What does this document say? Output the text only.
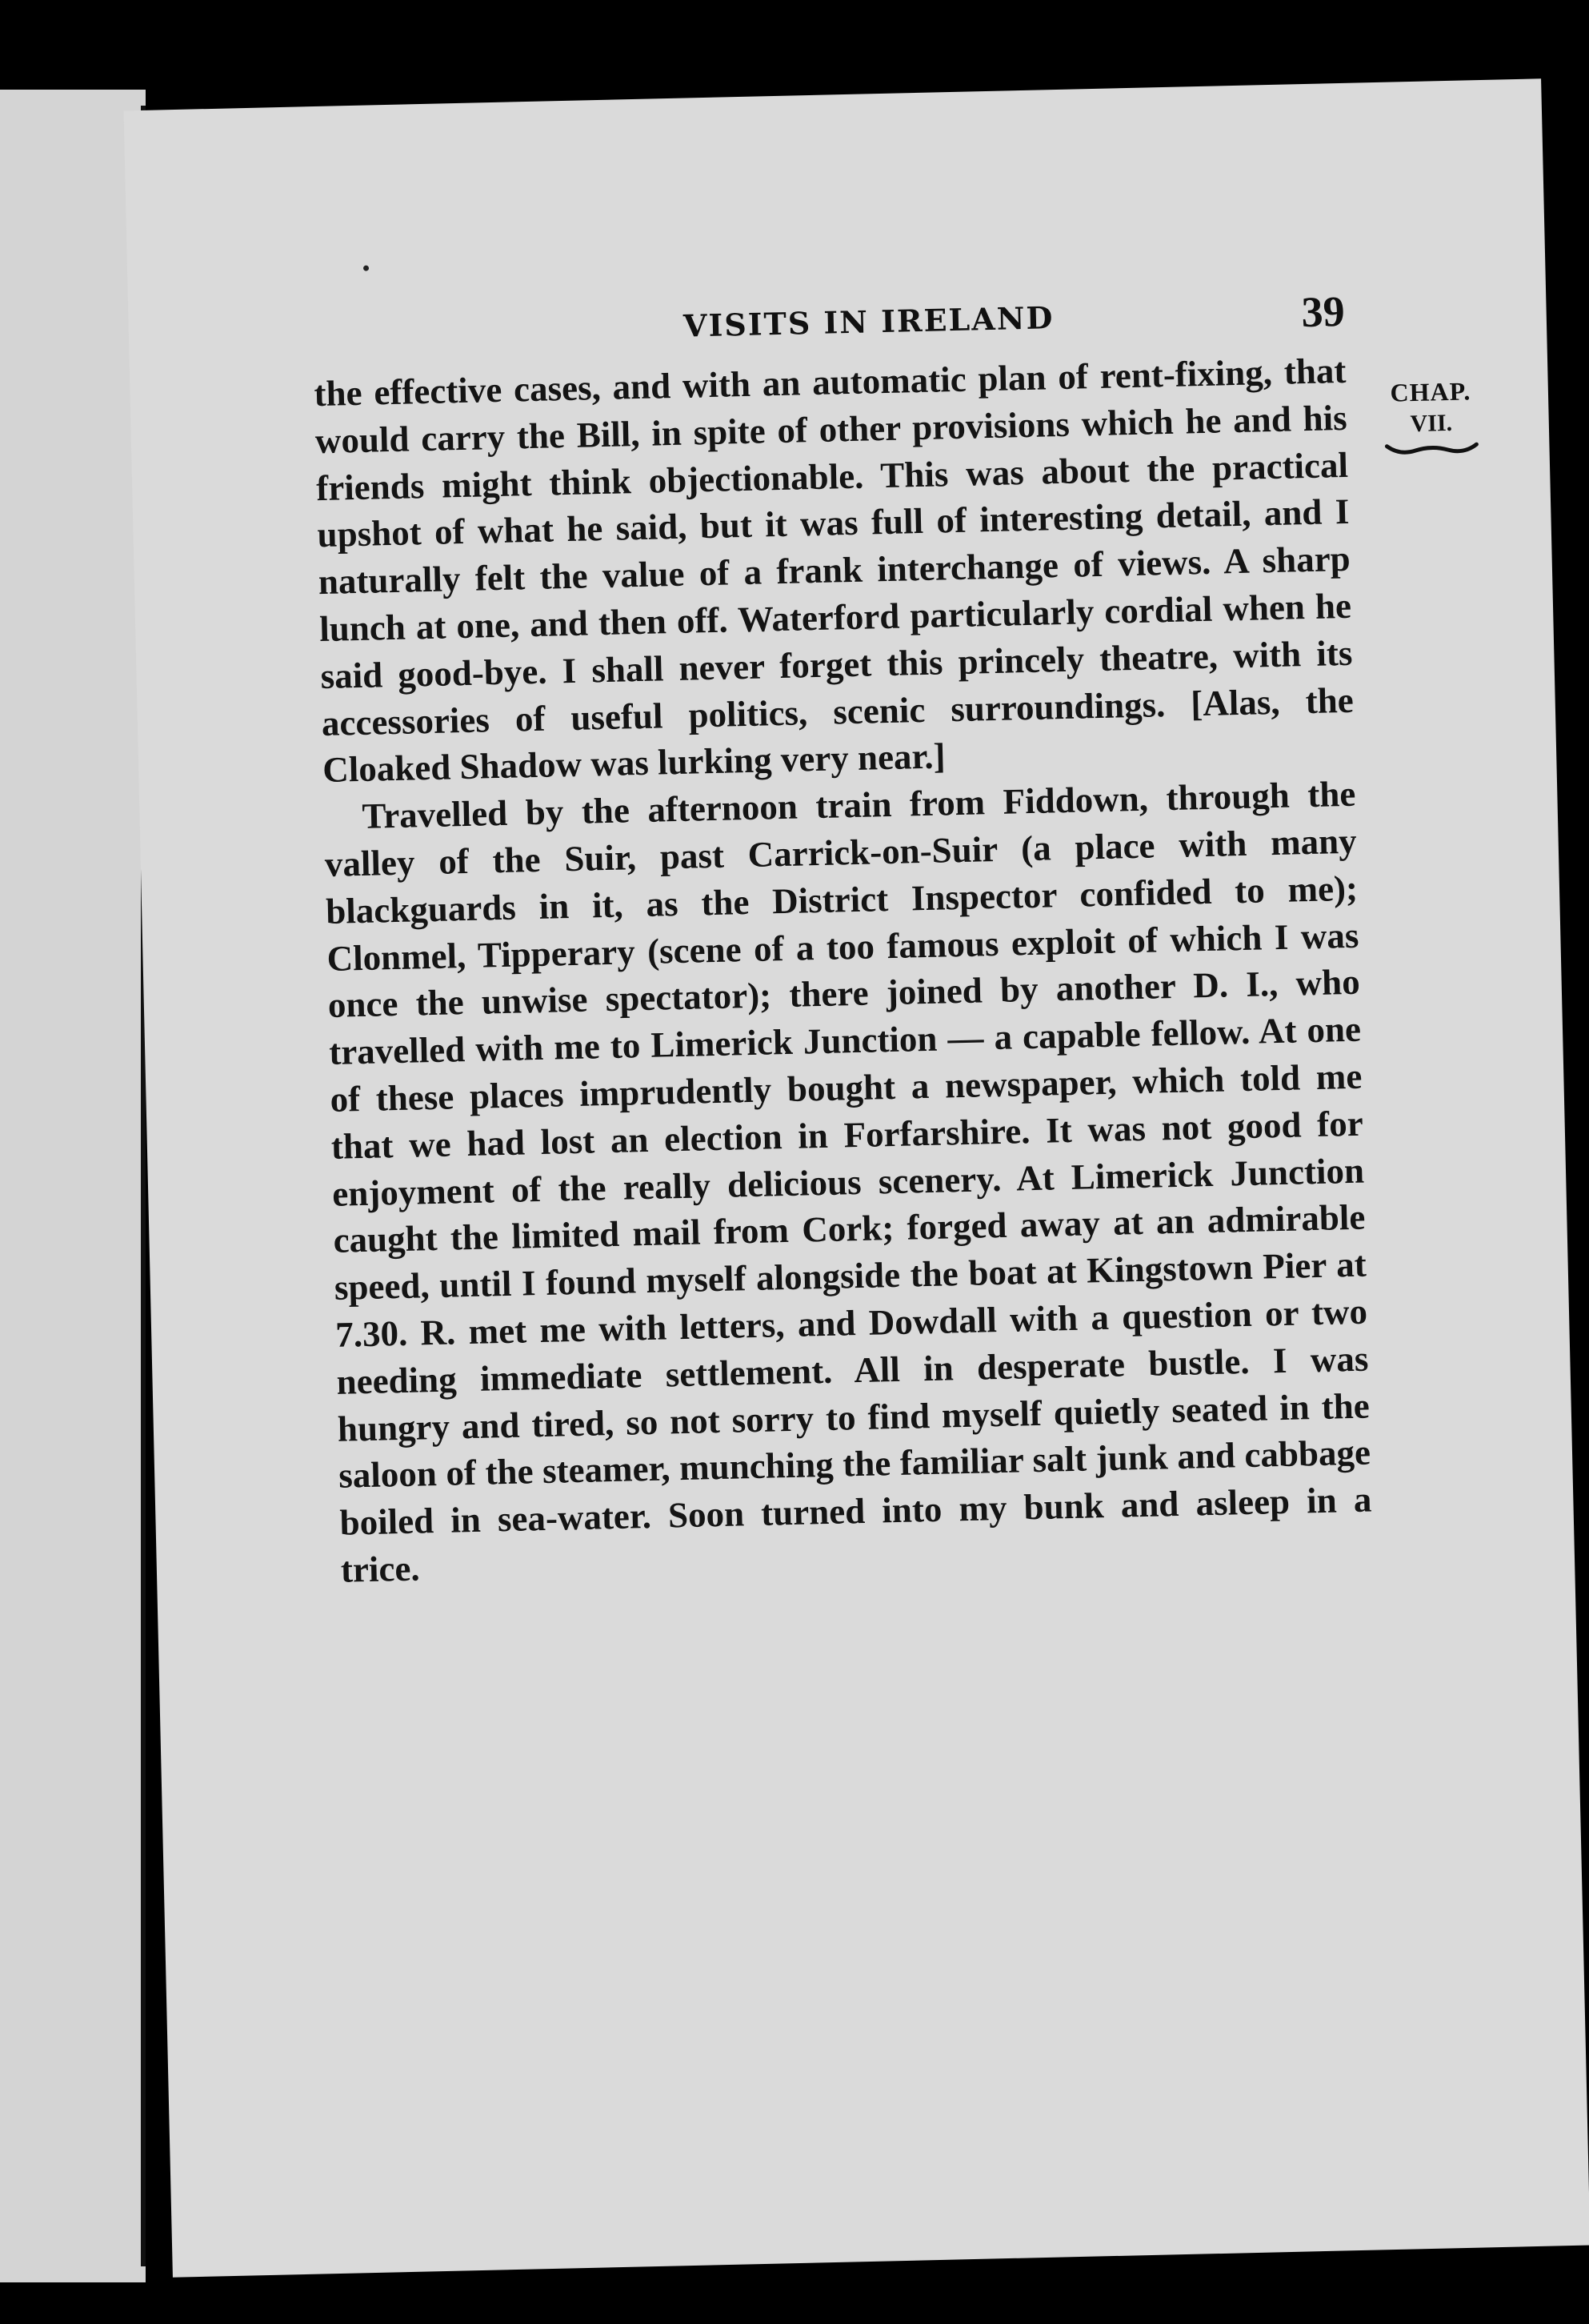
VISITS IN IRELAND	39
CHAP.
VII.

the effective cases, and with an automatic plan of rent-fixing, that would carry the Bill, in spite of other provisions which he and his friends might think objectionable. This was about the practical upshot of what he said, but it was full of interesting detail, and I naturally felt the value of a frank interchange of views. A sharp lunch at one, and then off. Waterford particularly cordial when he said good-bye. I shall never forget this princely theatre, with its accessories of useful politics, scenic surroundings. [Alas, the Cloaked Shadow was lurking very near.]

Travelled by the afternoon train from Fiddown, through the valley of the Suir, past Carrick-on-Suir (a place with many blackguards in it, as the District Inspector confided to me); Clonmel, Tipperary (scene of a too famous exploit of which I was once the unwise spectator); there joined by another D. I., who travelled with me to Limerick Junction — a capable fellow. At one of these places imprudently bought a newspaper, which told me that we had lost an election in Forfarshire. It was not good for enjoyment of the really delicious scenery. At Limerick Junction caught the limited mail from Cork; forged away at an admirable speed, until I found myself alongside the boat at Kingstown Pier at 7.30. R. met me with letters, and Dowdall with a question or two needing immediate settlement. All in desperate bustle. I was hungry and tired, so not sorry to find myself quietly seated in the saloon of the steamer, munching the familiar salt junk and cabbage boiled in sea-water. Soon turned into my bunk and asleep in a trice.
